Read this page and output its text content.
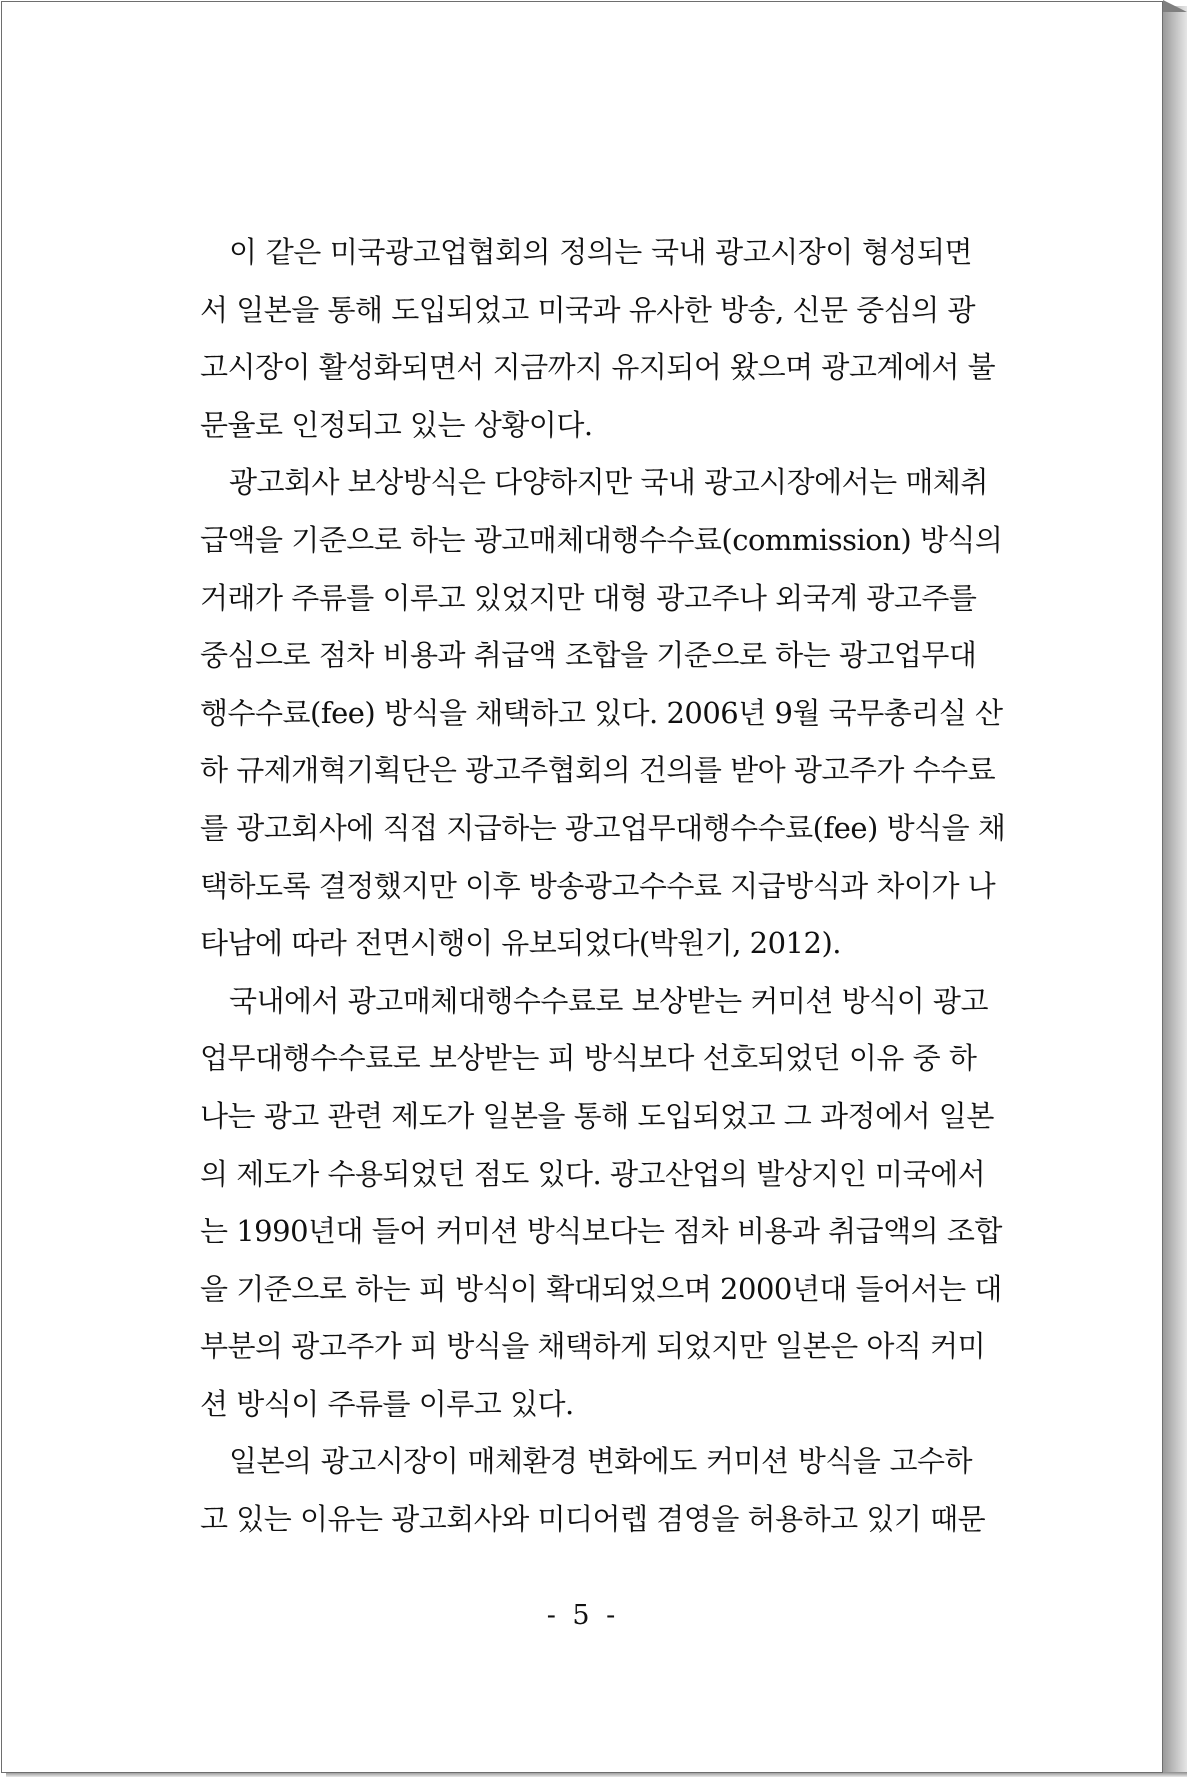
이 같은 미국광고업협회의 정의는 국내 광고시장이 형성되면
서 일본을 통해 도입되었고 미국과 유사한 방송, 신문 중심의 광
고시장이 활성화되면서 지금까지 유지되어 왔으며 광고계에서 불
문율로 인정되고 있는 상황이다.
광고회사 보상방식은 다양하지만 국내 광고시장에서는 매체취
급액을 기준으로 하는 광고매체대행수수료(commission) 방식의
거래가 주류를 이루고 있었지만 대형 광고주나 외국계 광고주를
중심으로 점차 비용과 취급액 조합을 기준으로 하는 광고업무대
행수수료(fee) 방식을 채택하고 있다. 2006년 9월 국무총리실 산
하 규제개혁기획단은 광고주협회의 건의를 받아 광고주가 수수료
를 광고회사에 직접 지급하는 광고업무대행수수료(fee) 방식을 채
택하도록 결정했지만 이후 방송광고수수료 지급방식과 차이가 나
타남에 따라 전면시행이 유보되었다(박원기, 2012).
국내에서 광고매체대행수수료로 보상받는 커미션 방식이 광고
업무대행수수료로 보상받는 피 방식보다 선호되었던 이유 중 하
나는 광고 관련 제도가 일본을 통해 도입되었고 그 과정에서 일본
의 제도가 수용되었던 점도 있다. 광고산업의 발상지인 미국에서
는 1990년대 들어 커미션 방식보다는 점차 비용과 취급액의 조합
을 기준으로 하는 피 방식이 확대되었으며 2000년대 들어서는 대
부분의 광고주가 피 방식을 채택하게 되었지만 일본은 아직 커미
션 방식이 주류를 이루고 있다.
일본의 광고시장이 매체환경 변화에도 커미션 방식을 고수하
고 있는 이유는 광고회사와 미디어렙 겸영을 허용하고 있기 때문
- 5 -
